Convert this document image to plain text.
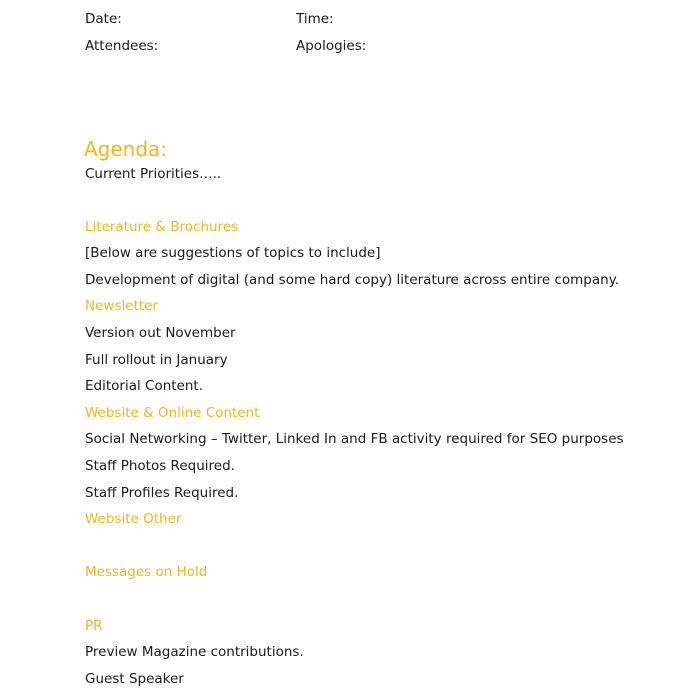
Date:	Time:
Attendees:	Apologies:
Agenda:
Current Priorities…..
Literature & Brochures
[Below are suggestions of topics to include]
Development of digital (and some hard copy) literature across entire company.
Newsletter
Version out November
Full rollout in January
Editorial Content.
Website & Online Content
Social Networking – Twitter, Linked In and FB activity required for SEO purposes
Staff Photos Required.
Staff Profiles Required.
Website Other
Messages on Hold
PR
Preview Magazine contributions.
Guest Speaker
